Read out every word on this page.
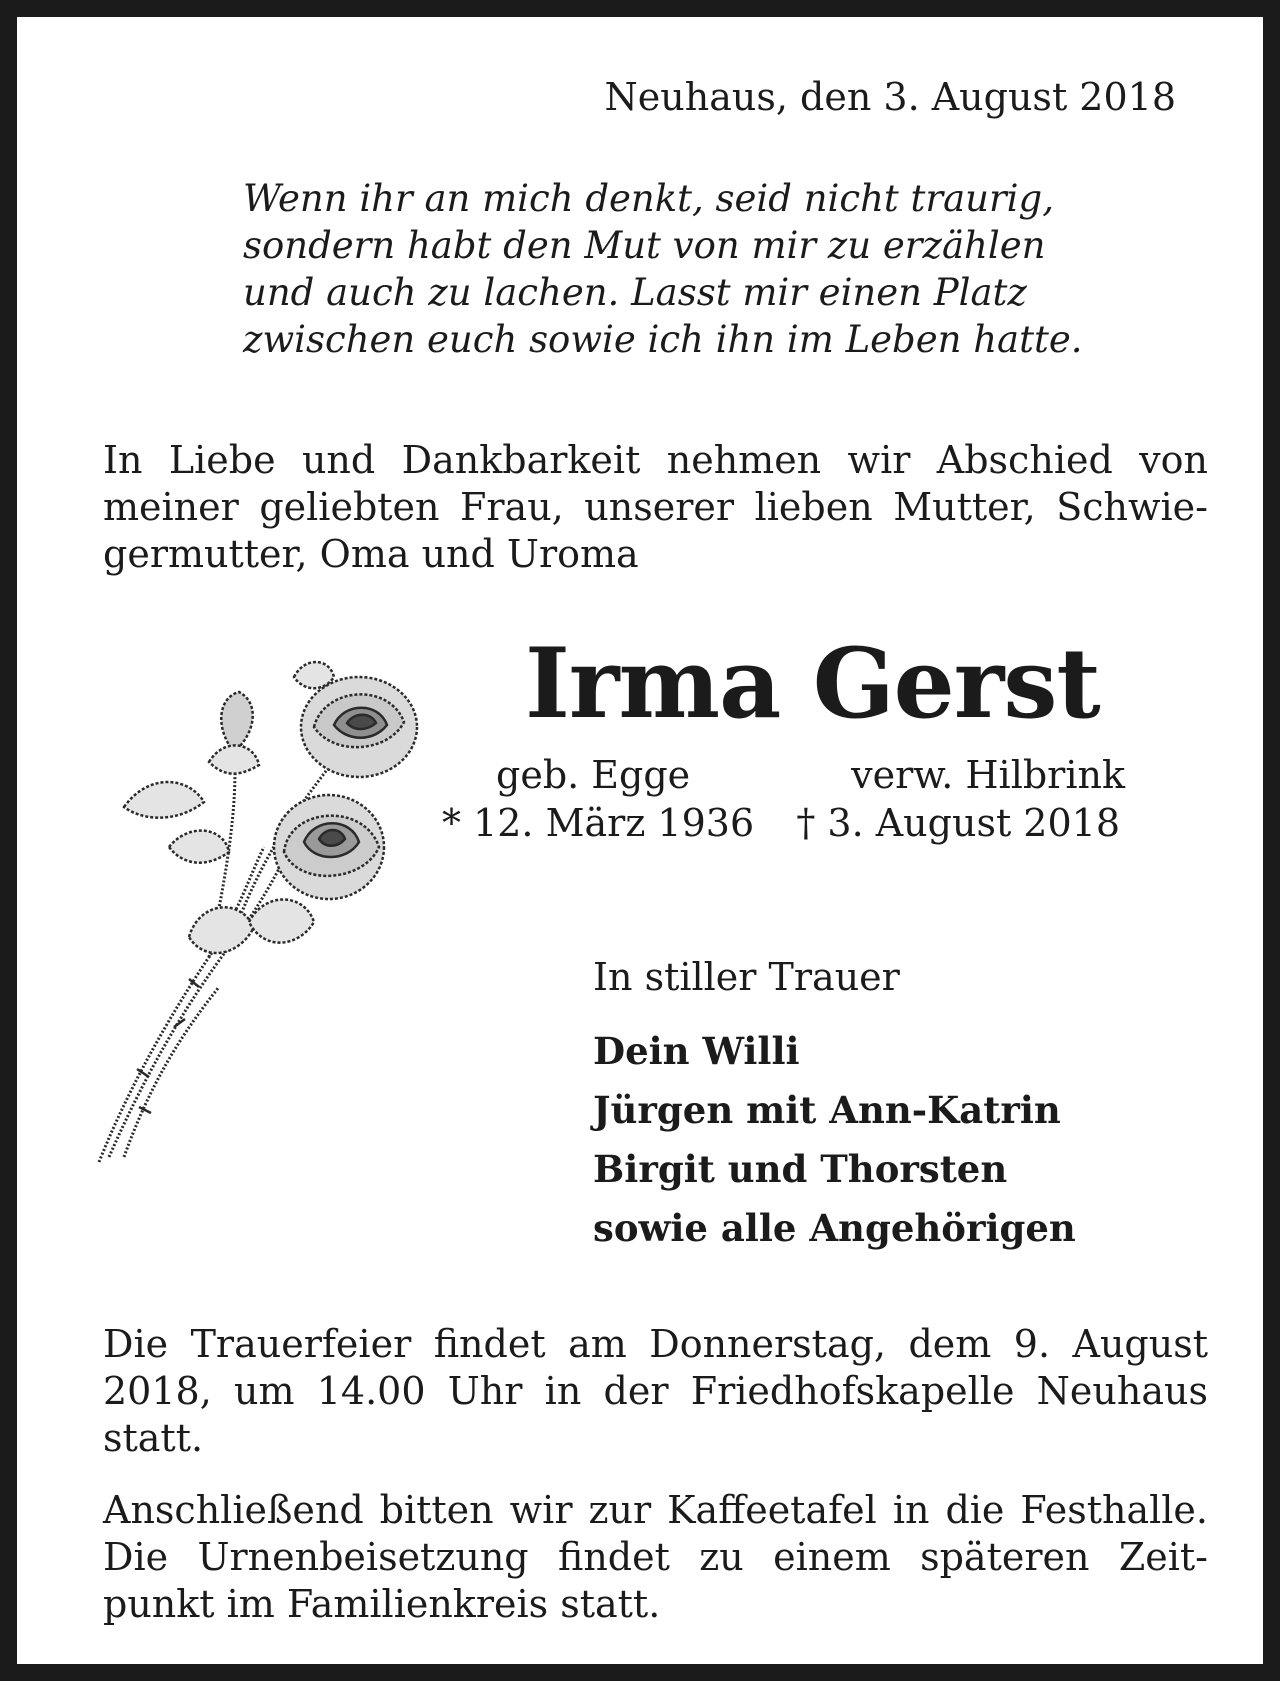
Neuhaus, den 3. August 2018
Wenn ihr an mich denkt, seid nicht traurig,
sondern habt den Mut von mir zu erzählen
und auch zu lachen. Lasst mir einen Platz
zwischen euch sowie ich ihn im Leben hatte.
In Liebe und Dankbarkeit nehmen wir Abschied von
meiner geliebten Frau, unserer lieben Mutter, Schwie-
germutter, Oma und Uroma
Irma Gerst
geb. Egge	verw. Hilbrink
* 12. März 1936 † 3. August 2018
In stiller Trauer
Dein Willi
Jürgen mit Ann-Katrin
Birgit und Thorsten
sowie alle Angehörigen
Die Trauerfeier findet am Donnerstag, dem 9. August
2018, um 14.00 Uhr in der Friedhofskapelle Neuhaus
statt.
Anschließend bitten wir zur Kaffeetafel in die Festhalle.
Die Urnenbeisetzung findet zu einem späteren Zeit-
punkt im Familienkreis statt.
